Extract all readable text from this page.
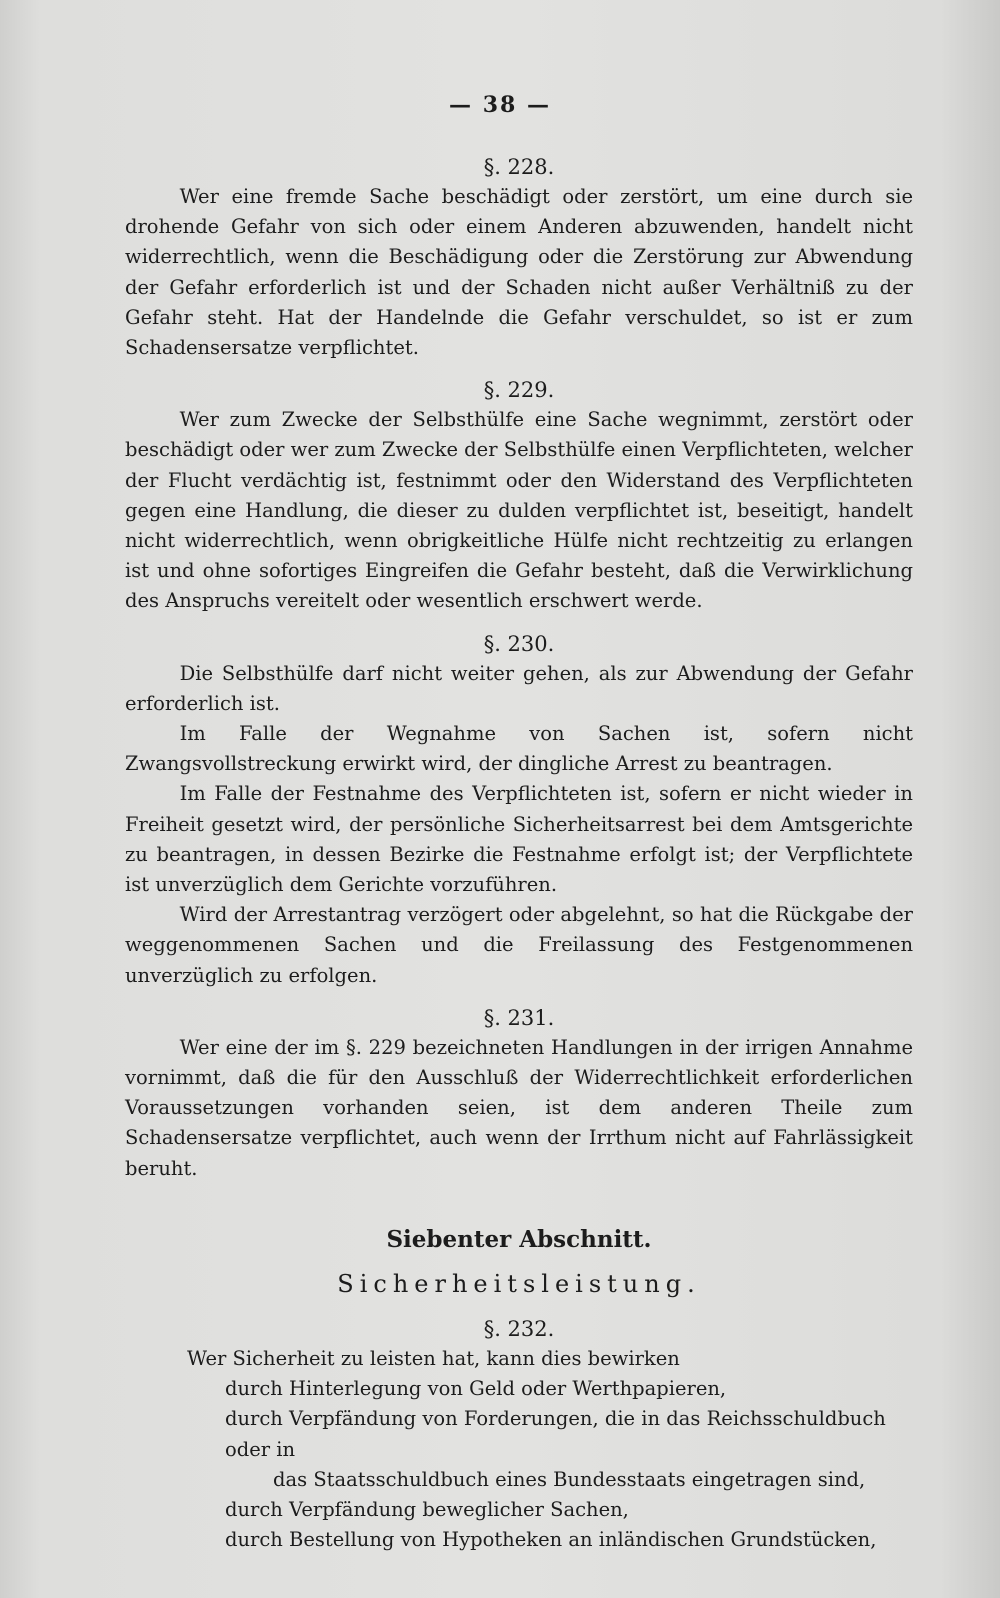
— 38 —

§. 228.

Wer eine fremde Sache beschädigt oder zerstört, um eine durch sie drohende Gefahr von sich oder einem Anderen abzuwenden, handelt nicht widerrechtlich, wenn die Beschädigung oder die Zerstörung zur Abwendung der Gefahr erforderlich ist und der Schaden nicht außer Verhältniß zu der Gefahr steht. Hat der Handelnde die Gefahr verschuldet, so ist er zum Schadensersatze verpflichtet.

§. 229.

Wer zum Zwecke der Selbsthülfe eine Sache wegnimmt, zerstört oder beschädigt oder wer zum Zwecke der Selbsthülfe einen Verpflichteten, welcher der Flucht verdächtig ist, festnimmt oder den Widerstand des Verpflichteten gegen eine Handlung, die dieser zu dulden verpflichtet ist, beseitigt, handelt nicht widerrechtlich, wenn obrigkeitliche Hülfe nicht rechtzeitig zu erlangen ist und ohne sofortiges Eingreifen die Gefahr besteht, daß die Verwirklichung des Anspruchs vereitelt oder wesentlich erschwert werde.

§. 230.

Die Selbsthülfe darf nicht weiter gehen, als zur Abwendung der Gefahr erforderlich ist.

Im Falle der Wegnahme von Sachen ist, sofern nicht Zwangsvollstreckung erwirkt wird, der dingliche Arrest zu beantragen.

Im Falle der Festnahme des Verpflichteten ist, sofern er nicht wieder in Freiheit gesetzt wird, der persönliche Sicherheitsarrest bei dem Amtsgerichte zu beantragen, in dessen Bezirke die Festnahme erfolgt ist; der Verpflichtete ist unverzüglich dem Gerichte vorzuführen.

Wird der Arrestantrag verzögert oder abgelehnt, so hat die Rückgabe der weggenommenen Sachen und die Freilassung des Festgenommenen unverzüglich zu erfolgen.

§. 231.

Wer eine der im §. 229 bezeichneten Handlungen in der irrigen Annahme vornimmt, daß die für den Ausschluß der Widerrechtlichkeit erforderlichen Voraussetzungen vorhanden seien, ist dem anderen Theile zum Schadensersatze verpflichtet, auch wenn der Irrthum nicht auf Fahrlässigkeit beruht.

Siebenter Abschnitt.

Sicherheitsleistung.

§. 232.

Wer Sicherheit zu leisten hat, kann dies bewirken

durch Hinterlegung von Geld oder Werthpapieren,
durch Verpfändung von Forderungen, die in das Reichsschuldbuch oder in
das Staatsschuldbuch eines Bundesstaats eingetragen sind,
durch Verpfändung beweglicher Sachen,
durch Bestellung von Hypotheken an inländischen Grundstücken,
